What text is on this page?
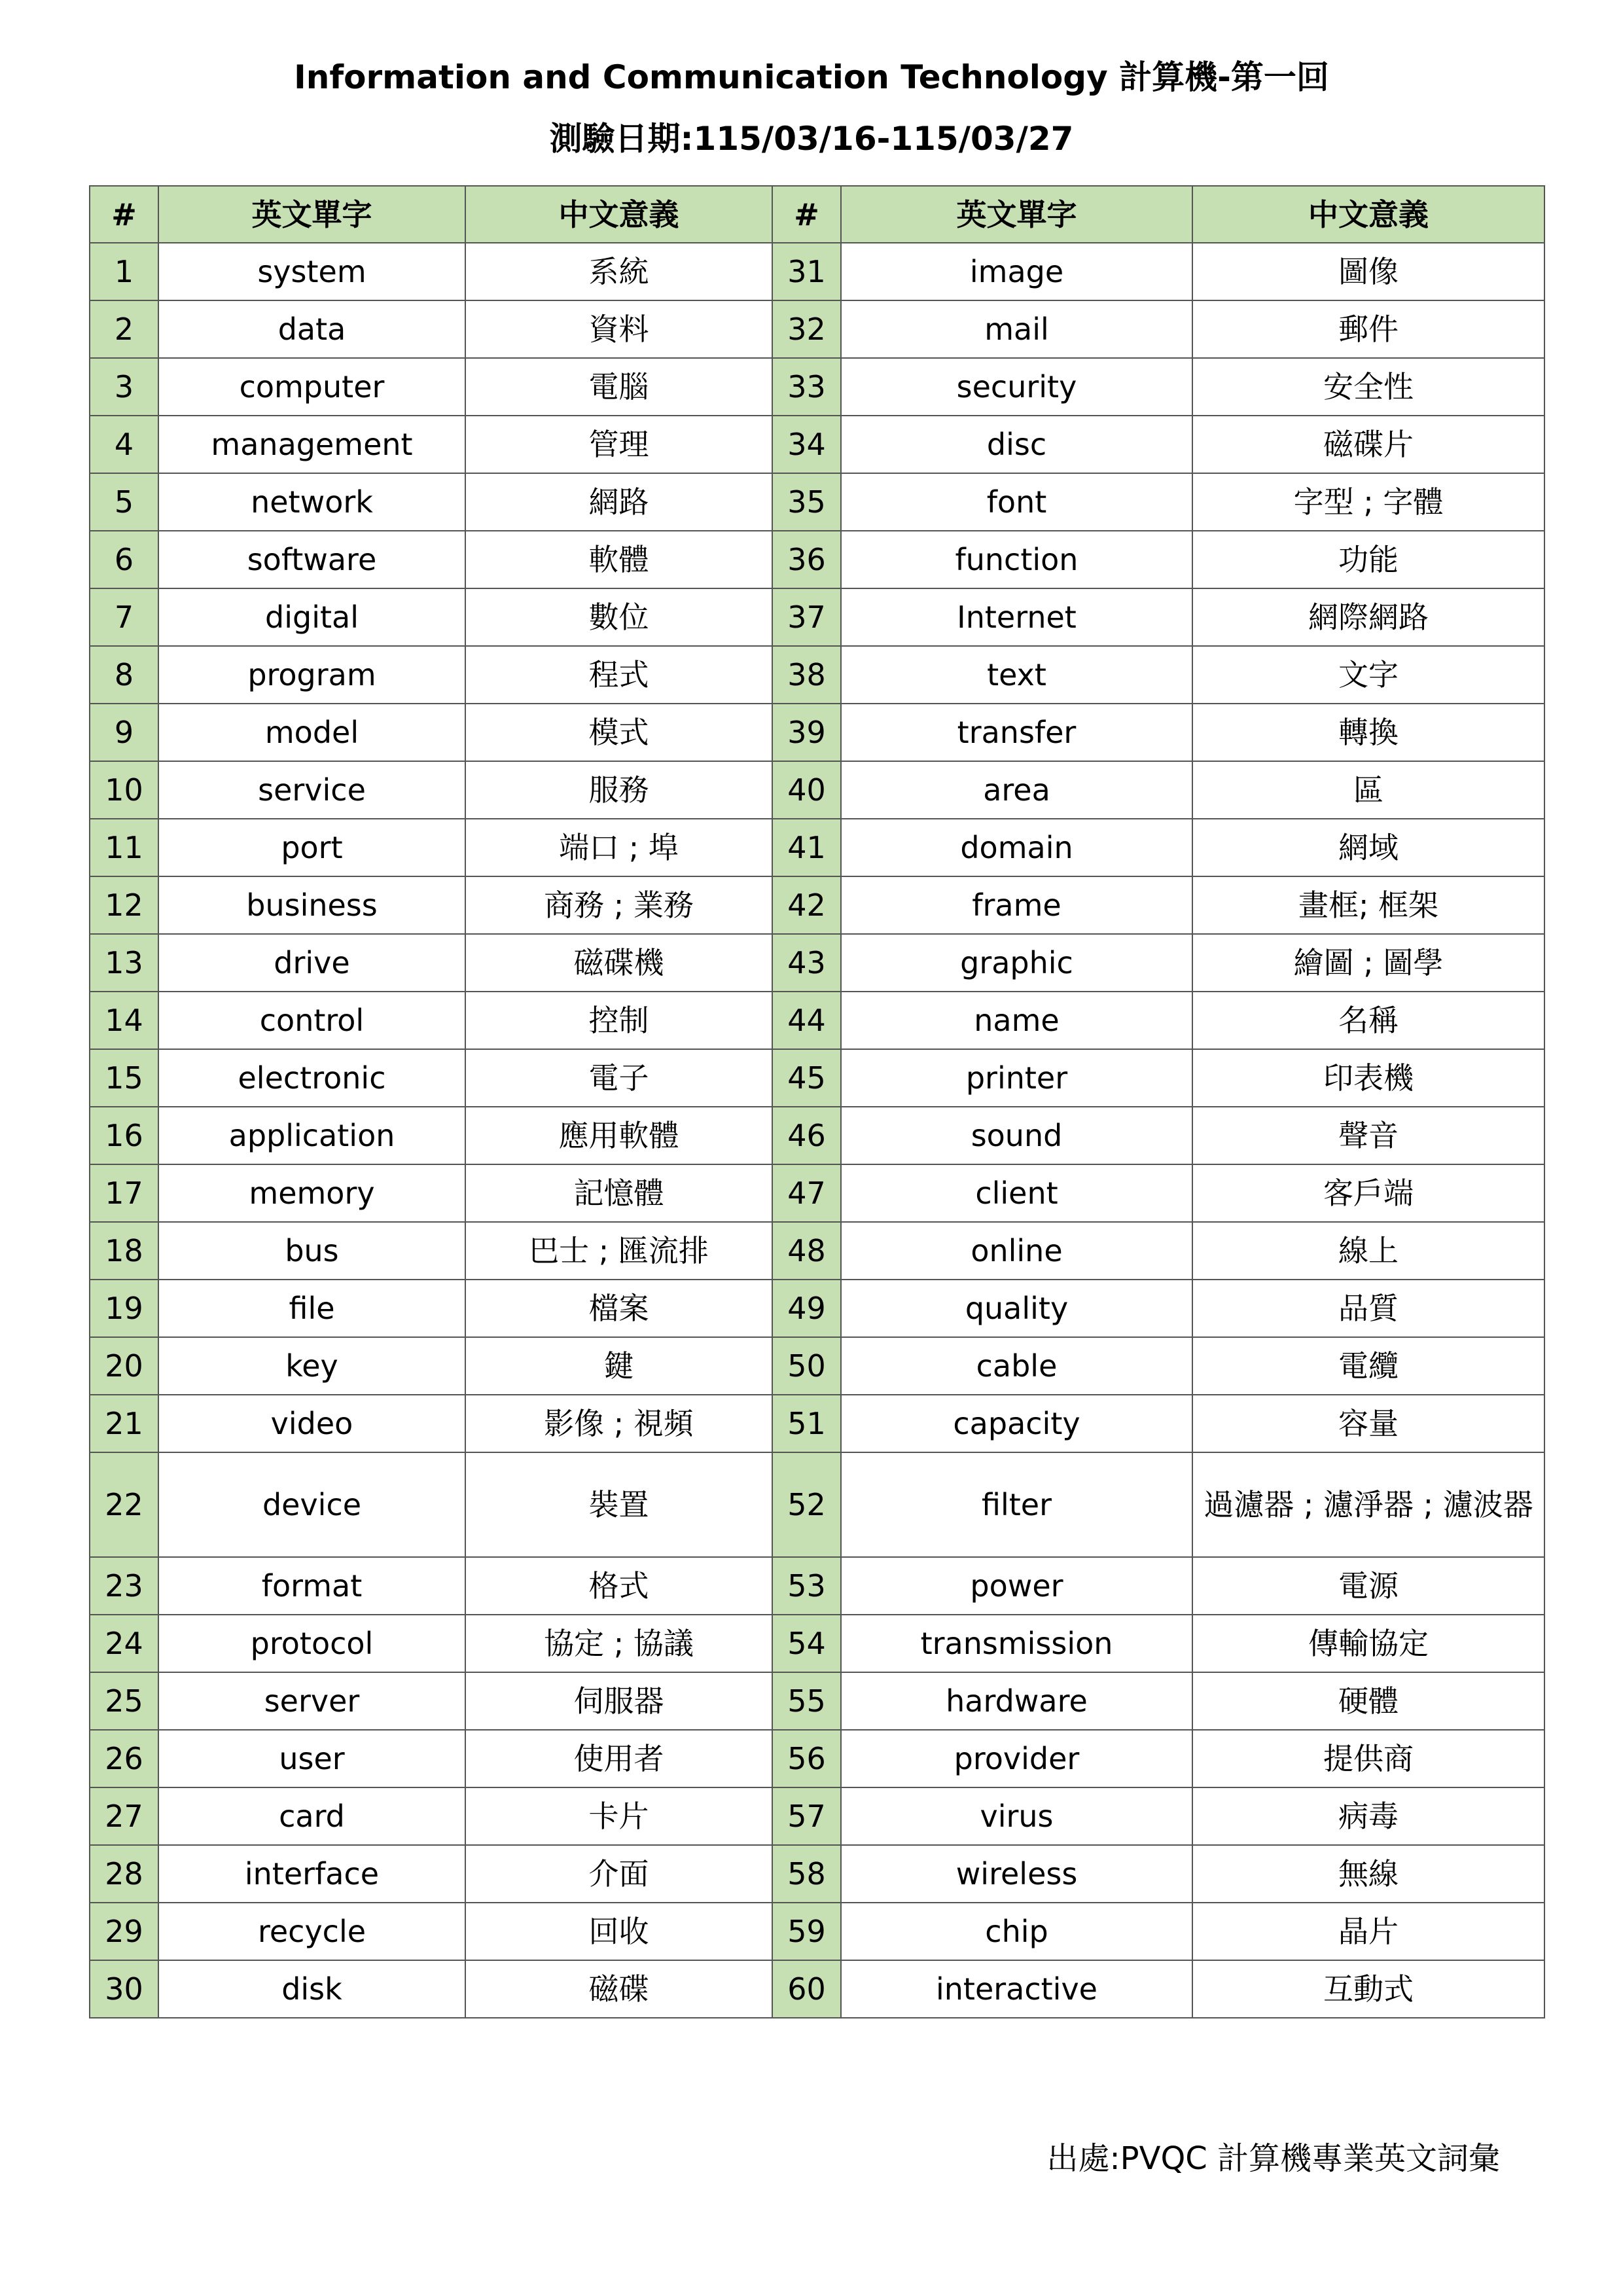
Information and Communication Technology 計算機-第一回
測驗日期:115/03/16-115/03/27
#	英文單字	中文意義	#	英文單字	中文意義
1	system	系統	31	image	圖像
2	data	資料	32	mail	郵件
3	computer	電腦	33	security	安全性
4	management	管理	34	disc	磁碟片
5	network	網路	35	font	字型 ; 字體
6	software	軟體	36	function	功能
7	digital	數位	37	Internet	網際網路
8	program	程式	38	text	文字
9	model	模式	39	transfer	轉換
10	service	服務	40	area	區
11	port	端口 ; 埠	41	domain	網域
12	business	商務 ; 業務	42	frame	畫框; 框架
13	drive	磁碟機	43	graphic	繪圖 ; 圖學
14	control	控制	44	name	名稱
15	electronic	電子	45	printer	印表機
16	application	應用軟體	46	sound	聲音
17	memory	記憶體	47	client	客戶端
18	bus	巴士 ; 匯流排	48	online	線上
19	file	檔案	49	quality	品質
20	key	鍵	50	cable	電纜
21	video	影像 ; 視頻	51	capacity	容量
22	device	裝置	52	filter	過濾器 ; 濾淨器 ; 濾波器
23	format	格式	53	power	電源
24	protocol	協定 ; 協議	54	transmission	傳輸協定
25	server	伺服器	55	hardware	硬體
26	user	使用者	56	provider	提供商
27	card	卡片	57	virus	病毒
28	interface	介面	58	wireless	無線
29	recycle	回收	59	chip	晶片
30	disk	磁碟	60	interactive	互動式
出處:PVQC 計算機專業英文詞彙
